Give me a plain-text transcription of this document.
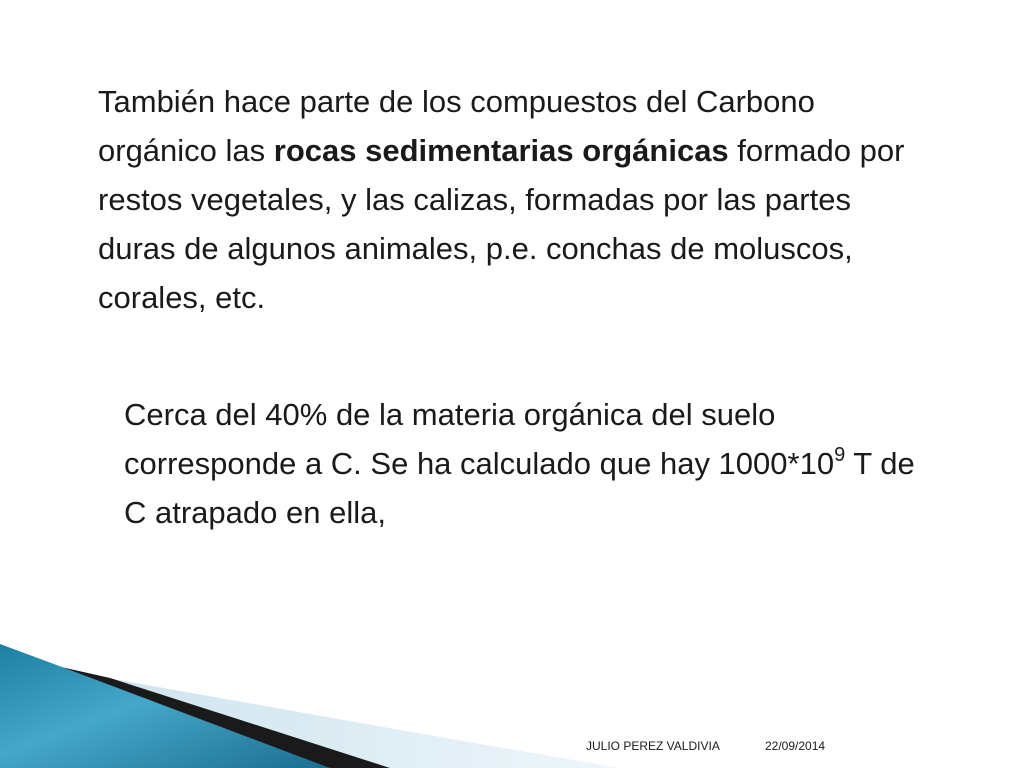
También hace parte de los compuestos del Carbono orgánico las rocas sedimentarias orgánicas formado por restos vegetales, y las calizas, formadas por las partes duras de algunos animales, p.e. conchas de moluscos, corales, etc.

Cerca del 40% de la materia orgánica del suelo corresponde a C. Se ha calculado que hay $1000*10^9$ T de C atrapado en ella,

JULIO PEREZ VALDIVIA	22/09/2014
